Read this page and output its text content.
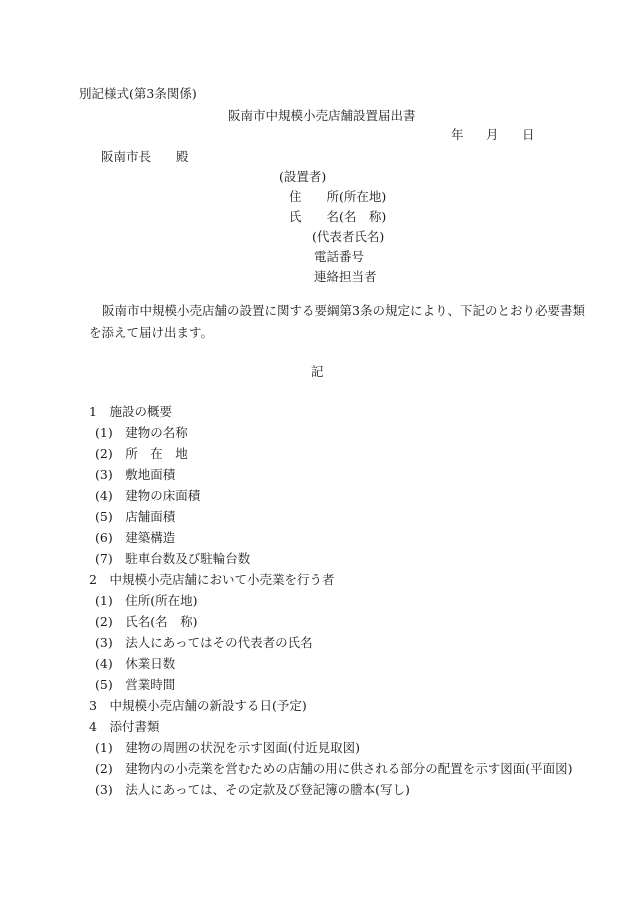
別記様式(第3条関係)
阪南市中規模小売店舗設置届出書
年 月 日
阪南市長　　殿
(設置者)
住　　所(所在地)
氏　　名(名　称)
(代表者氏名)
電話番号
連絡担当者
阪南市中規模小売店舗の設置に関する要綱第3条の規定により、下記のとおり必要書類
を添えて届け出ます。
記
1　施設の概要
(1)　建物の名称
(2)　所　在　地
(3)　敷地面積
(4)　建物の床面積
(5)　店舗面積
(6)　建築構造
(7)　駐車台数及び駐輪台数
2　中規模小売店舗において小売業を行う者
(1)　住所(所在地)
(2)　氏名(名　称)
(3)　法人にあってはその代表者の氏名
(4)　休業日数
(5)　営業時間
3　中規模小売店舗の新設する日(予定)
4　添付書類
(1)　建物の周囲の状況を示す図面(付近見取図)
(2)　建物内の小売業を営むための店舗の用に供される部分の配置を示す図面(平面図)
(3)　法人にあっては、その定款及び登記簿の謄本(写し)
